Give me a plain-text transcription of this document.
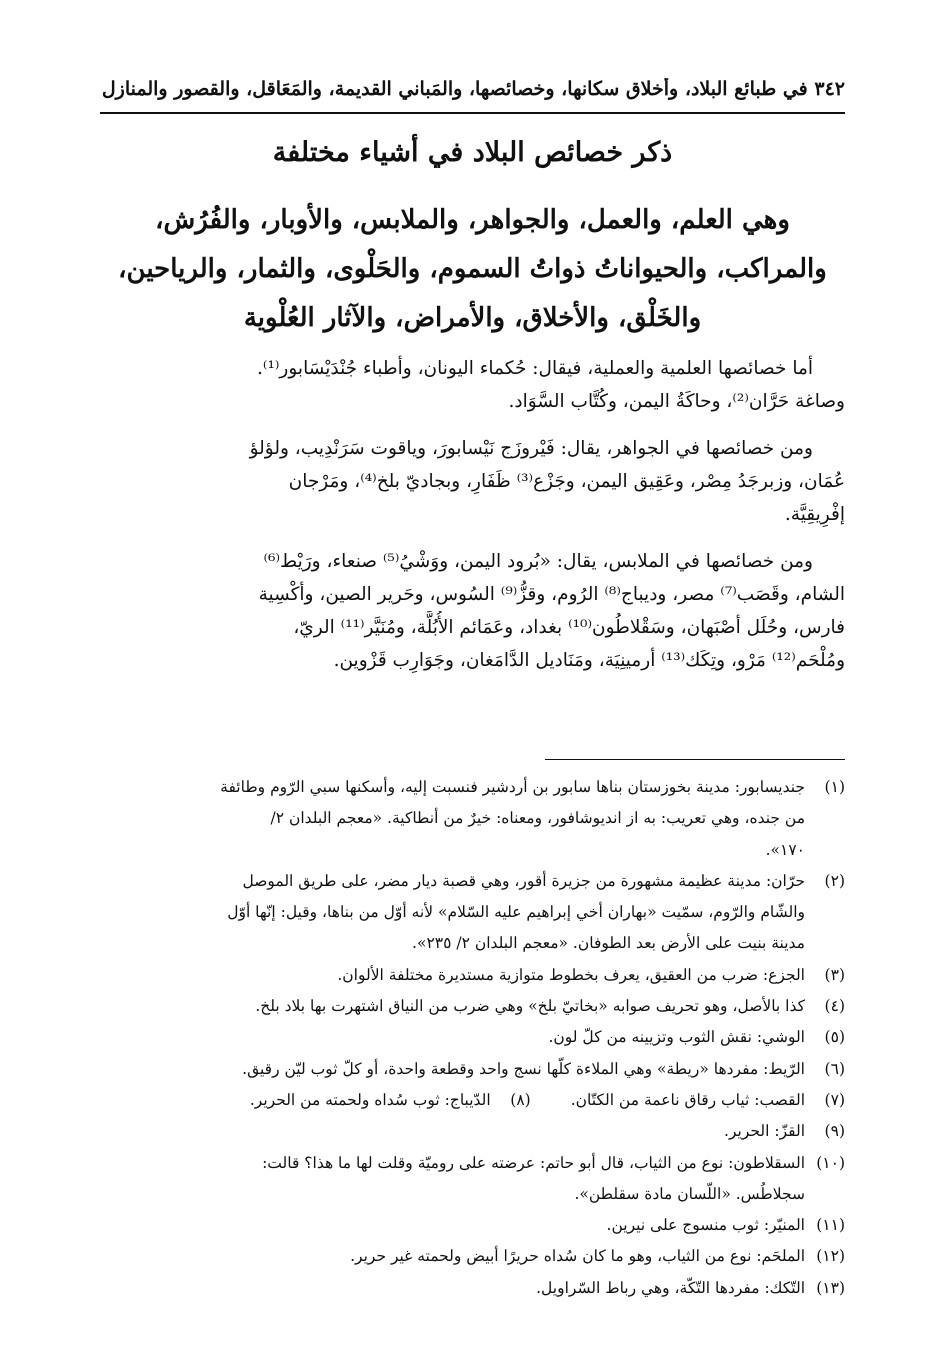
٣٤٢ في طبائع البلاد، وأخلاق سكانها، وخصائصها، والمَباني القديمة، والمَعَاقل، والقصور والمنازل
ذكر خصائص البلاد في أشياء مختلفة
وهي العلم، والعمل، والجواهر، والملابس، والأوبار، والفُرُش،
والمراكب، والحيواناتُ ذواتُ السموم، والحَلْوى، والثمار، والرياحين،
والخَلْق، والأخلاق، والأمراض، والآثار العُلْوية
أما خصائصها العلمية والعملية، فيقال: حُكماء اليونان، وأطباء جُنْدَيْسَابور⁽¹⁾.
وصاغة حَرَّان⁽²⁾، وحاكَةُ اليمن، وكُتَّاب السَّوَاد.
ومن خصائصها في الجواهر، يقال: فَيْروزَج نَيْسابورَ، وياقوت سَرَنْدِيب، ولؤلؤ
عُمَان، وزبرجَدُ مِصْر، وعَقِيق اليمن، وجَزْع⁽³⁾ ظَفَارِ، وبجاديّ بلخ⁽⁴⁾، ومَرْجان
إفْرِيقِيَّة.
ومن خصائصها في الملابس، يقال: «بُرود اليمن، ووَشْيُ⁽⁵⁾ صنعاء، ورَيْط⁽⁶⁾
الشام، وقَصَب⁽⁷⁾ مصر، وديباج⁽⁸⁾ الرُوم، وقزُّ⁽⁹⁾ السُوس، وحَرير الصين، وأكْسِية
فارس، وحُلَل أصْبَهان، وسَقْلاطُون⁽¹⁰⁾ بغداد، وعَمَائم الأُبُلَّة، ومُنَيَّر⁽¹¹⁾ الريّ،
ومُلْحَم⁽¹²⁾ مَرْو، وتِكَك⁽¹³⁾ أرمينِيَة، ومَنَاديل الدَّامَغان، وجَوَارِب قَزْوين.
(١)
جنديسابور: مدينة بخوزستان بناها سابور بن أردشير فنسبت إليه، وأسكنها سبي الرّوم وطائفة
من جنده، وهي تعريب: به از انديوشافور، ومعناه: خيرٌ من أنطاكية. «معجم البلدان ٢/
١٧٠».
(٢)
حرّان: مدينة عظيمة مشهورة من جزيرة أقور، وهي قصبة ديار مضر، على طريق الموصل
والشّام والرّوم، سمّيت «بهاران أخي إبراهيم عليه السّلام» لأنه أوّل من بناها، وقيل: إنّها أوّل
مدينة بنيت على الأرض بعد الطوفان. «معجم البلدان ٢/ ٢٣٥».
(٣)
الجزع: ضرب من العقيق، يعرف بخطوط متوازية مستديرة مختلفة الألوان.
(٤)
كذا بالأصل، وهو تحريف صوابه «بخاتيّ بلخ» وهي ضرب من النياق اشتهرت بها بلاد بلخ.
(٥)
الوشي: نقش الثوب وتزيينه من كلّ لون.
(٦)
الرّيط: مفردها «ريطة» وهي الملاءة كلّها نسج واحد وقطعة واحدة، أو كلّ ثوب ليّن رقيق.
(٧)
القصب: ثياب رقاق ناعمة من الكتّان.
(٨)
الدّيباج: ثوب سُداه ولحمته من الحرير.
(٩)
القزّ: الحرير.
(١٠)
السقلاطون: نوع من الثياب، قال أبو حاتم: عرضته على روميّة وقلت لها ما هذا؟ قالت:
سجلاطُس. «اللّسان مادة سقلطن».
(١١)
المنيّر: ثوب منسوج على نيرين.
(١٢)
الملحَم: نوع من الثياب، وهو ما كان سُداه حريرًا أبيض ولحمته غير حرير.
(١٣)
التّكك: مفردها التّكّة، وهي رباط السّراويل.
